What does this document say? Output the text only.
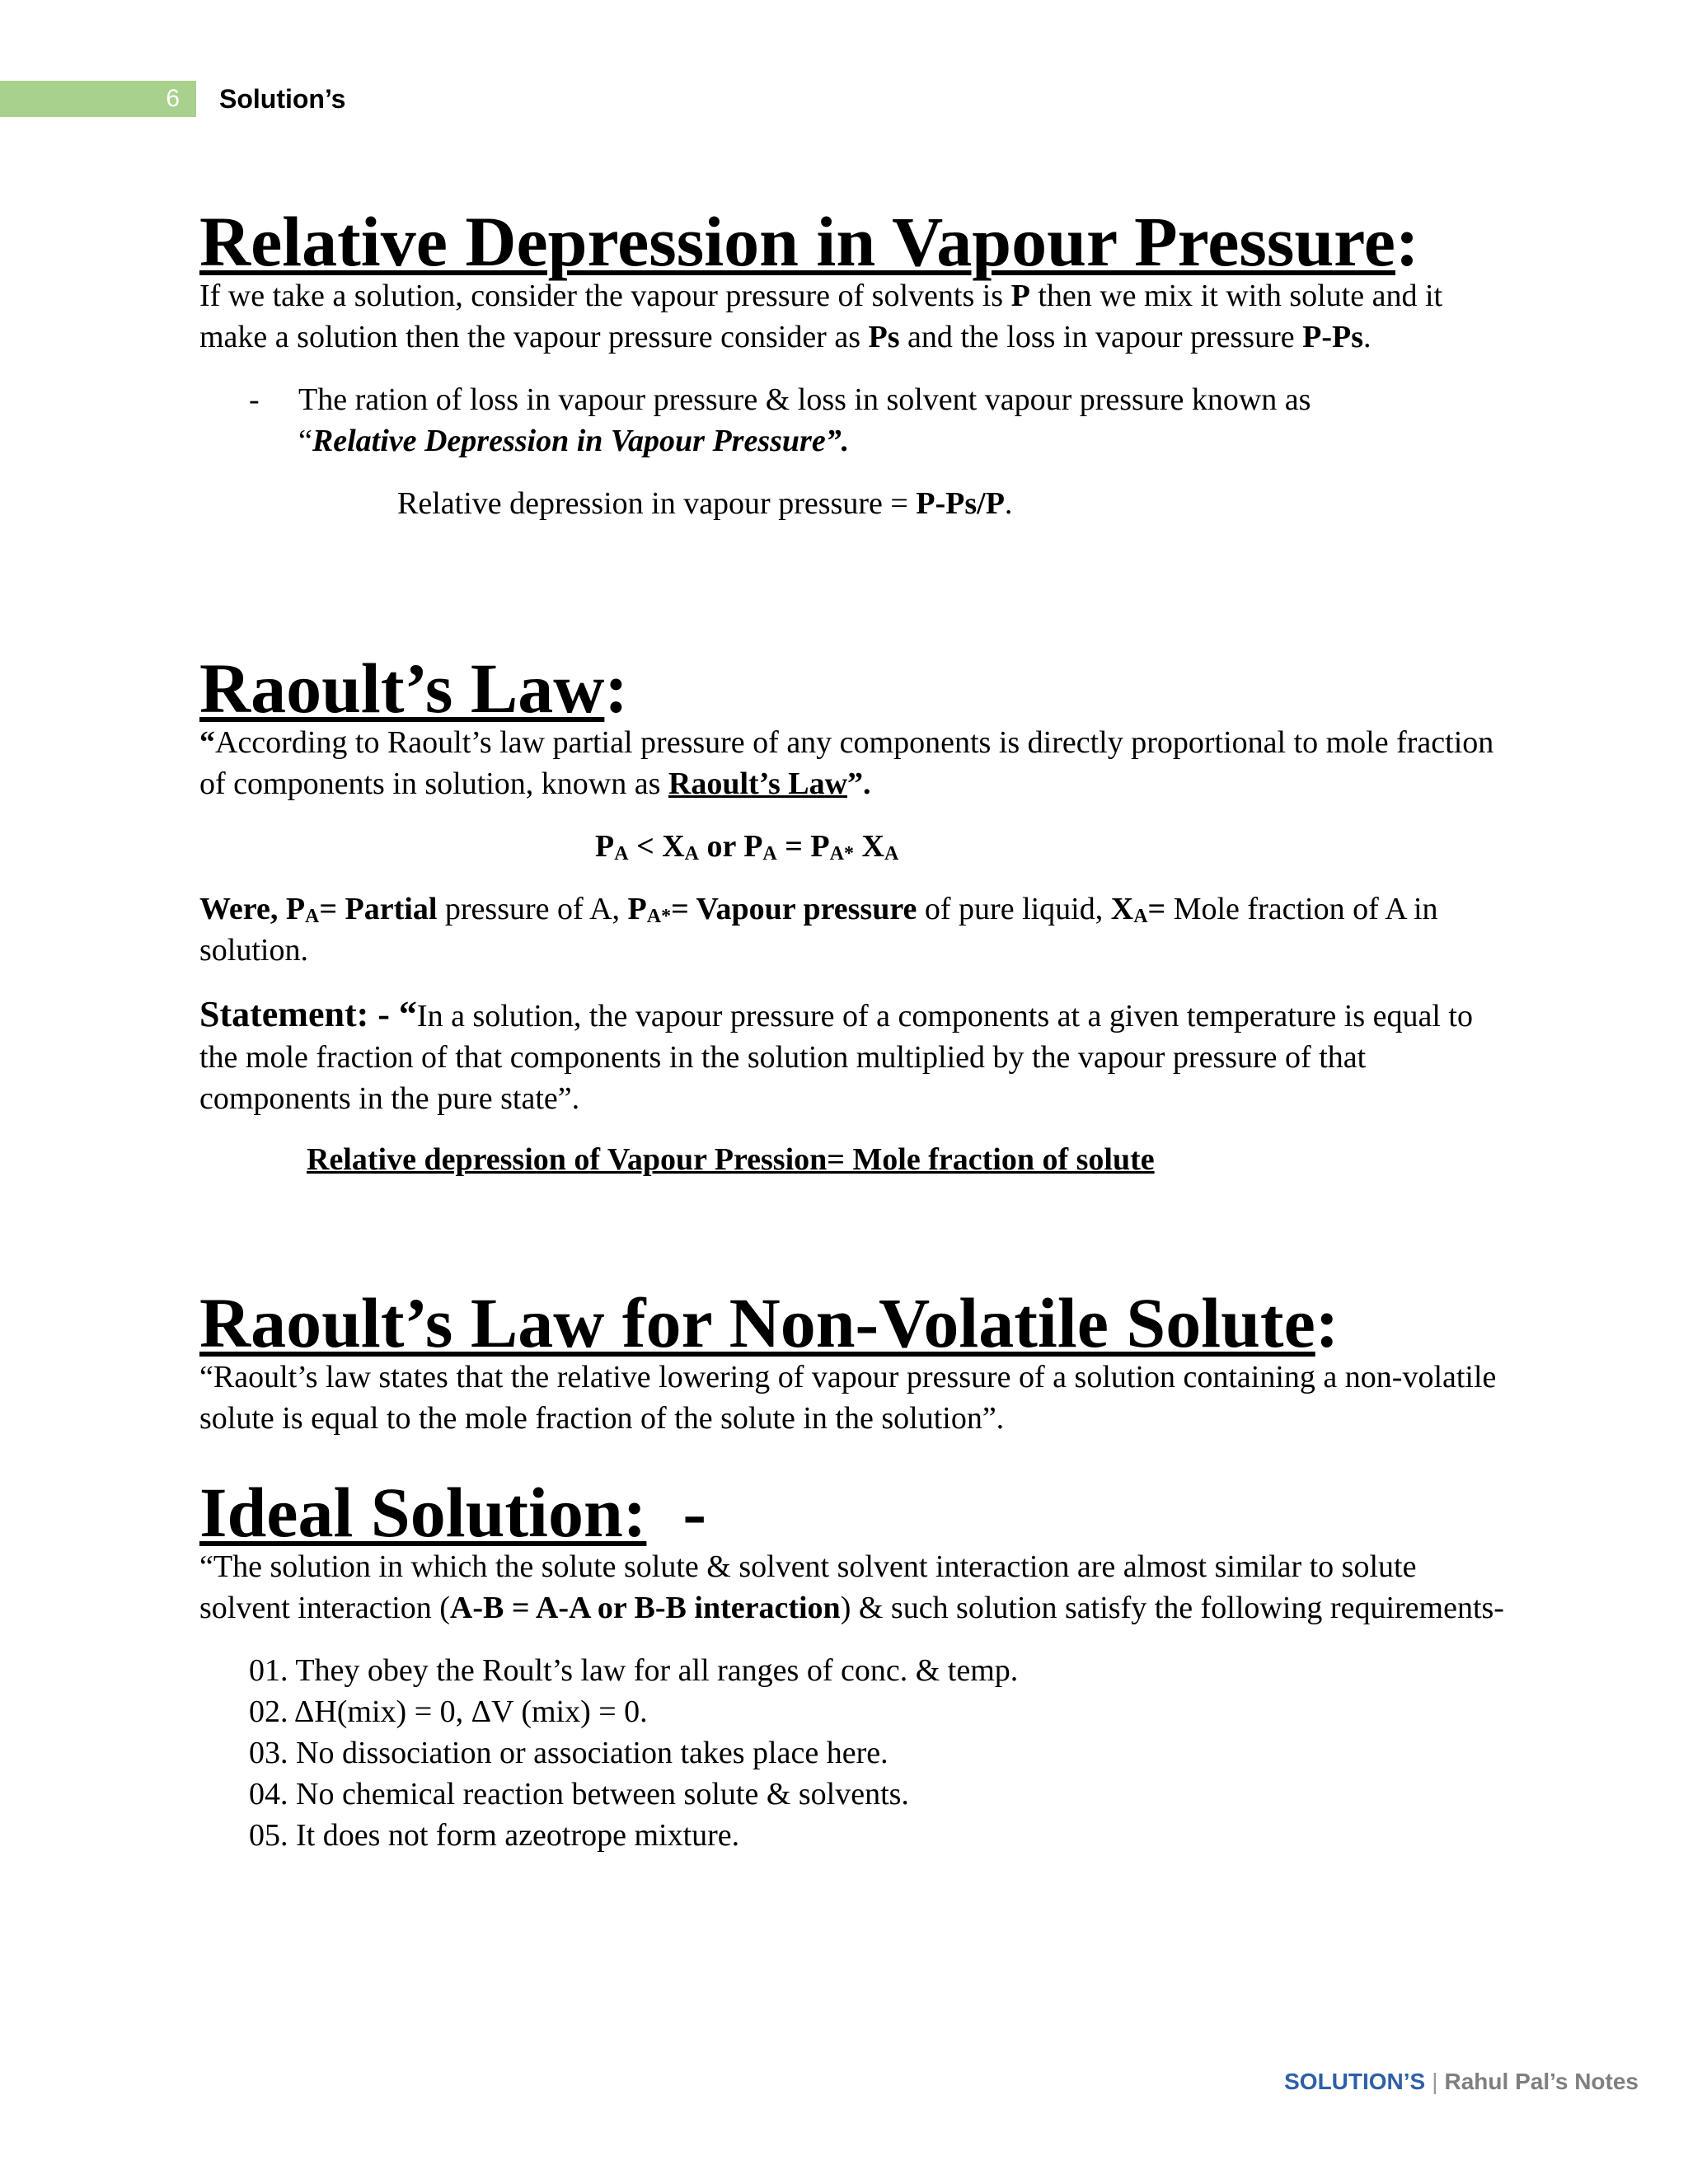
6	Solution’s
Relative Depression in Vapour Pressure:

If we take a solution, consider the vapour pressure of solvents is P then we mix it with solute and it make a solution then the vapour pressure consider as Ps and the loss in vapour pressure P-Ps.

- The ration of loss in vapour pressure & loss in solvent vapour pressure known as
“Relative Depression in Vapour Pressure”.

Relative depression in vapour pressure = P-Ps/P.

Raoult’s Law:

“According to Raoult’s law partial pressure of any components is directly proportional to mole fraction of components in solution, known as Raoult’s Law”.

$P_A < X_A$ or $P_A = P_{A*}$ $X_A$

Were, $P_A=$ Partial pressure of A, $P_{A*}=$ Vapour pressure of pure liquid, $X_A=$ Mole fraction of A in solution.

Statement: - “In a solution, the vapour pressure of a components at a given temperature is equal to the mole fraction of that components in the solution multiplied by the vapour pressure of that components in the pure state”.

Relative depression of Vapour Pression= Mole fraction of solute

Raoult’s Law for Non-Volatile Solute:

“Raoult’s law states that the relative lowering of vapour pressure of a solution containing a non-volatile solute is equal to the mole fraction of the solute in the solution”.

Ideal Solution: -

“The solution in which the solute solute & solvent solvent interaction are almost similar to solute solvent interaction (A-B = A-A or B-B interaction) & such solution satisfy the following requirements-

01. They obey the Roult’s law for all ranges of conc. & temp.
02. ΔH(mix) = 0, ΔV (mix) = 0.
03. No dissociation or association takes place here.
04. No chemical reaction between solute & solvents.
05. It does not form azeotrope mixture.
SOLUTION’S | Rahul Pal’s Notes
